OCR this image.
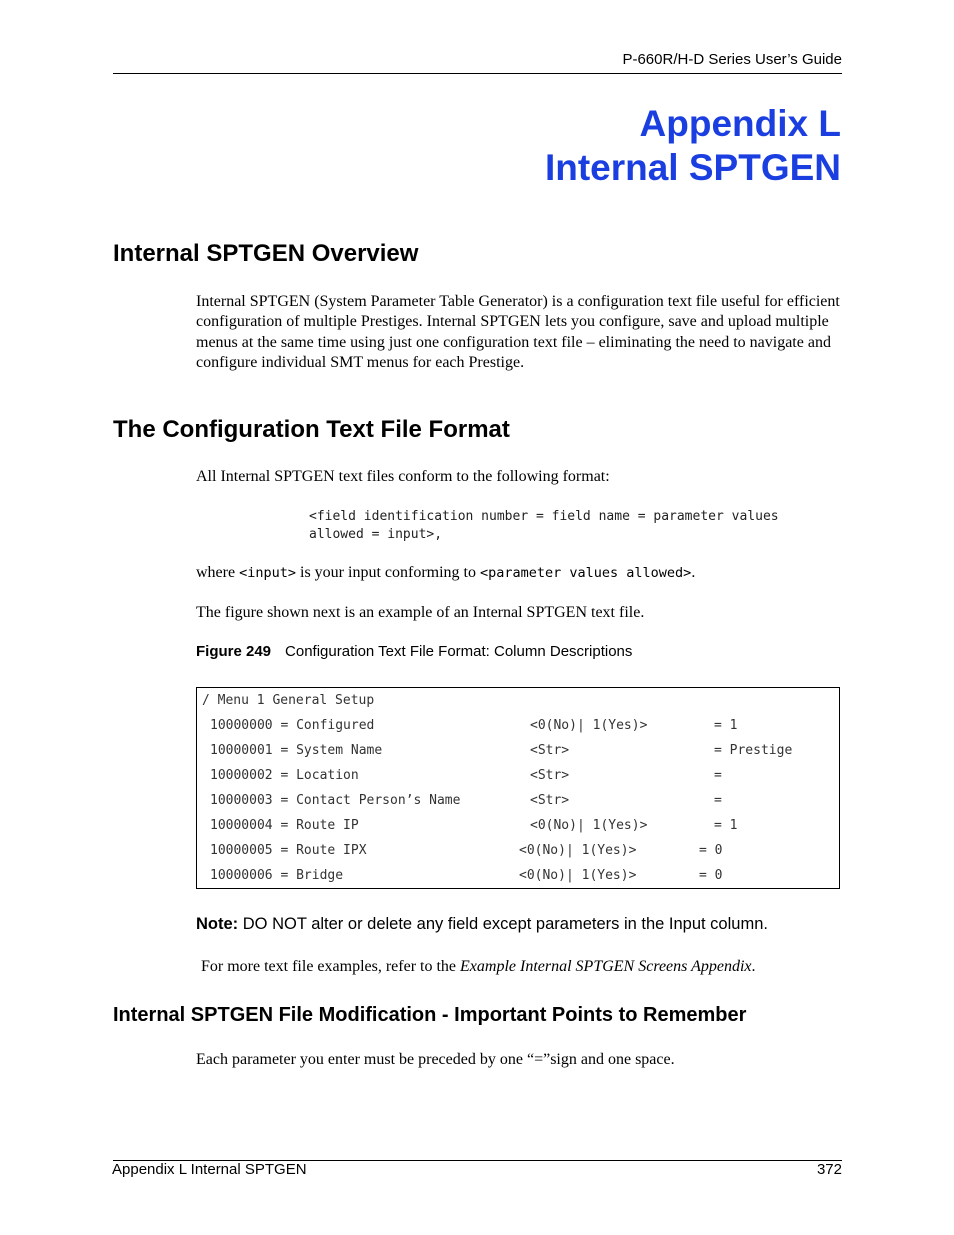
P-660R/H-D Series User’s Guide
Appendix L
Internal SPTGEN
Internal SPTGEN Overview
Internal SPTGEN (System Parameter Table Generator) is a configuration text file useful for efficient configuration of multiple Prestiges. Internal SPTGEN lets you configure, save and upload multiple menus at the same time using just one configuration text file – eliminating the need to navigate and configure individual SMT menus for each Prestige.
The Configuration Text File Format
All Internal SPTGEN text files conform to the following format:
<field identification number = field name = parameter values
allowed = input>,
where <input> is your input conforming to <parameter values allowed>.
The figure shown next is an example of an Internal SPTGEN text file.
Figure 249 Configuration Text File Format: Column Descriptions
/ Menu 1 General Setup
10000000 = Configured	<0(No)| 1(Yes)>	= 1
10000001 = System Name	<Str>	= Prestige
10000002 = Location	<Str>	=
10000003 = Contact Person’s Name	<Str>	=
10000004 = Route IP	<0(No)| 1(Yes)>	= 1
10000005 = Route IPX	<0(No)| 1(Yes)>	= 0
10000006 = Bridge	<0(No)| 1(Yes)>	= 0
Note: DO NOT alter or delete any field except parameters in the Input column.
For more text file examples, refer to the Example Internal SPTGEN Screens Appendix.
Internal SPTGEN File Modification - Important Points to Remember
Each parameter you enter must be preceded by one “=”sign and one space.
Appendix L Internal SPTGEN	372
